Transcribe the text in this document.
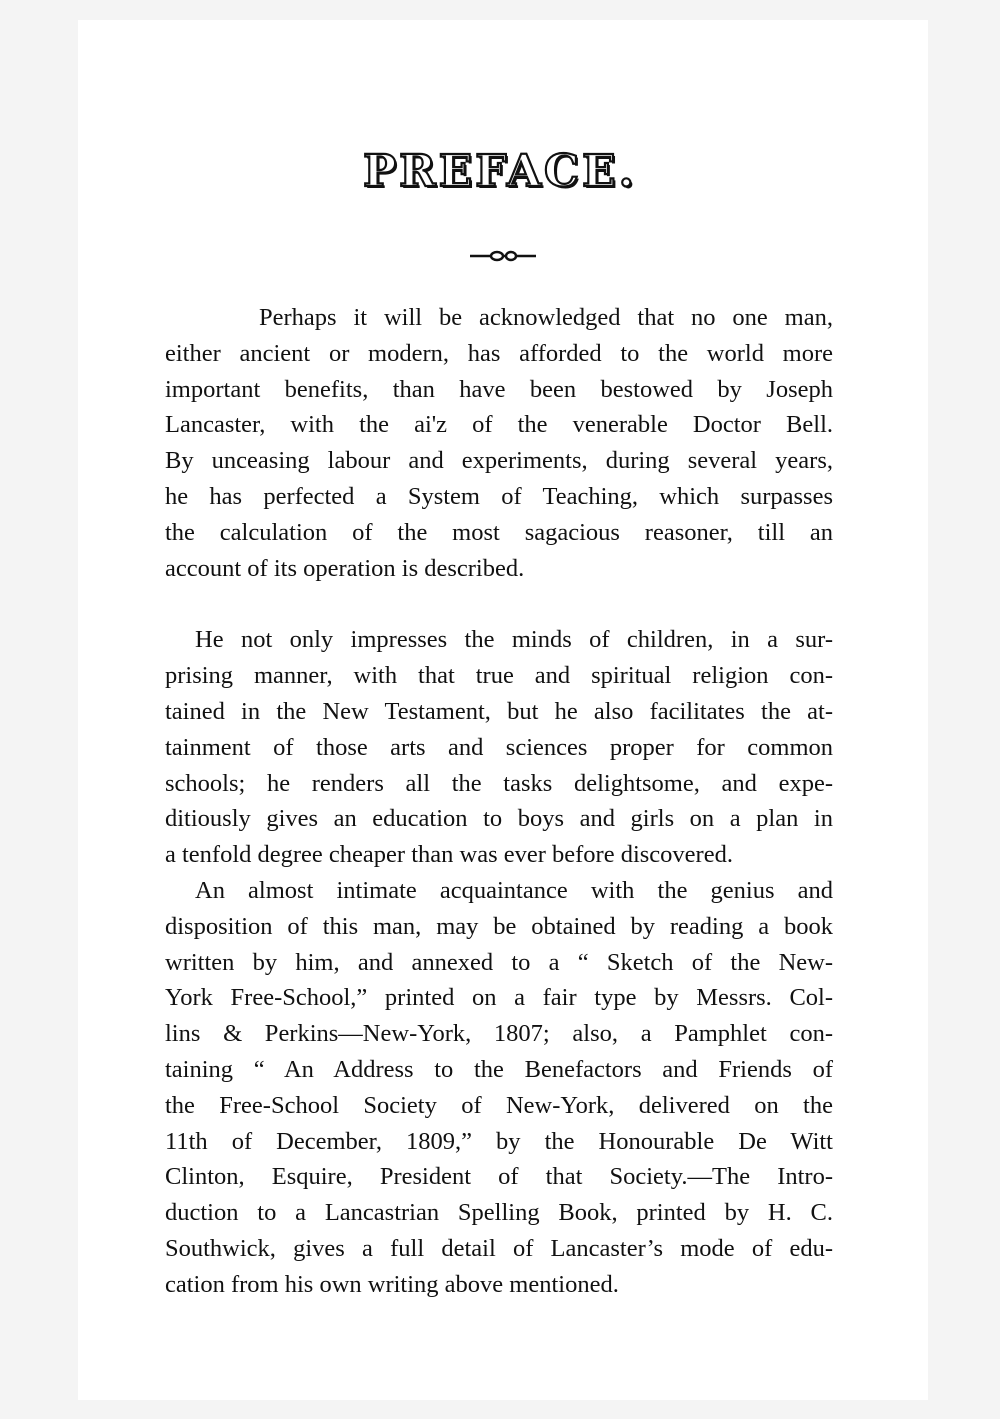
PREFACE.
Perhaps it will be acknowledged that no one man,
either ancient or modern, has afforded to the world more
important benefits, than have been bestowed by Joseph
Lancaster, with the ai'⁠z of the venerable Doctor Bell.
By unceasing labour and experiments, during several years,
he has perfected a System of Teaching, which surpasses
the calculation of the most sagacious reasoner, till an
account of its operation is described.
He not only impresses the minds of children, in a sur-
prising manner, with that true and spiritual religion con-
tained in the New Testament, but he also facilitates the at-
tainment of those arts and sciences proper for common
schools; he renders all the tasks delightsome, and expe-
ditiously gives an education to boys and girls on a plan in
a tenfold degree cheaper than was ever before discovered.
An almost intimate acquaintance with the genius and
disposition of this man, may be obtained by reading a book
written by him, and annexed to a “ Sketch of the New-
York Free-School,” printed on a fair type by Messrs. Col-
lins & Perkins—New-York, 1807; also, a Pamphlet con-
taining “ An Address to the Benefactors and Friends of
the Free-School Society of New-York, delivered on the
11th of December, 1809,” by the Honourable De Witt
Clinton, Esquire, President of that Society.—The Intro-
duction to a Lancastrian Spelling Book, printed by H. C.
Southwick, gives a full detail of Lancaster’s mode of edu-
cation from his own writing above mentioned.
